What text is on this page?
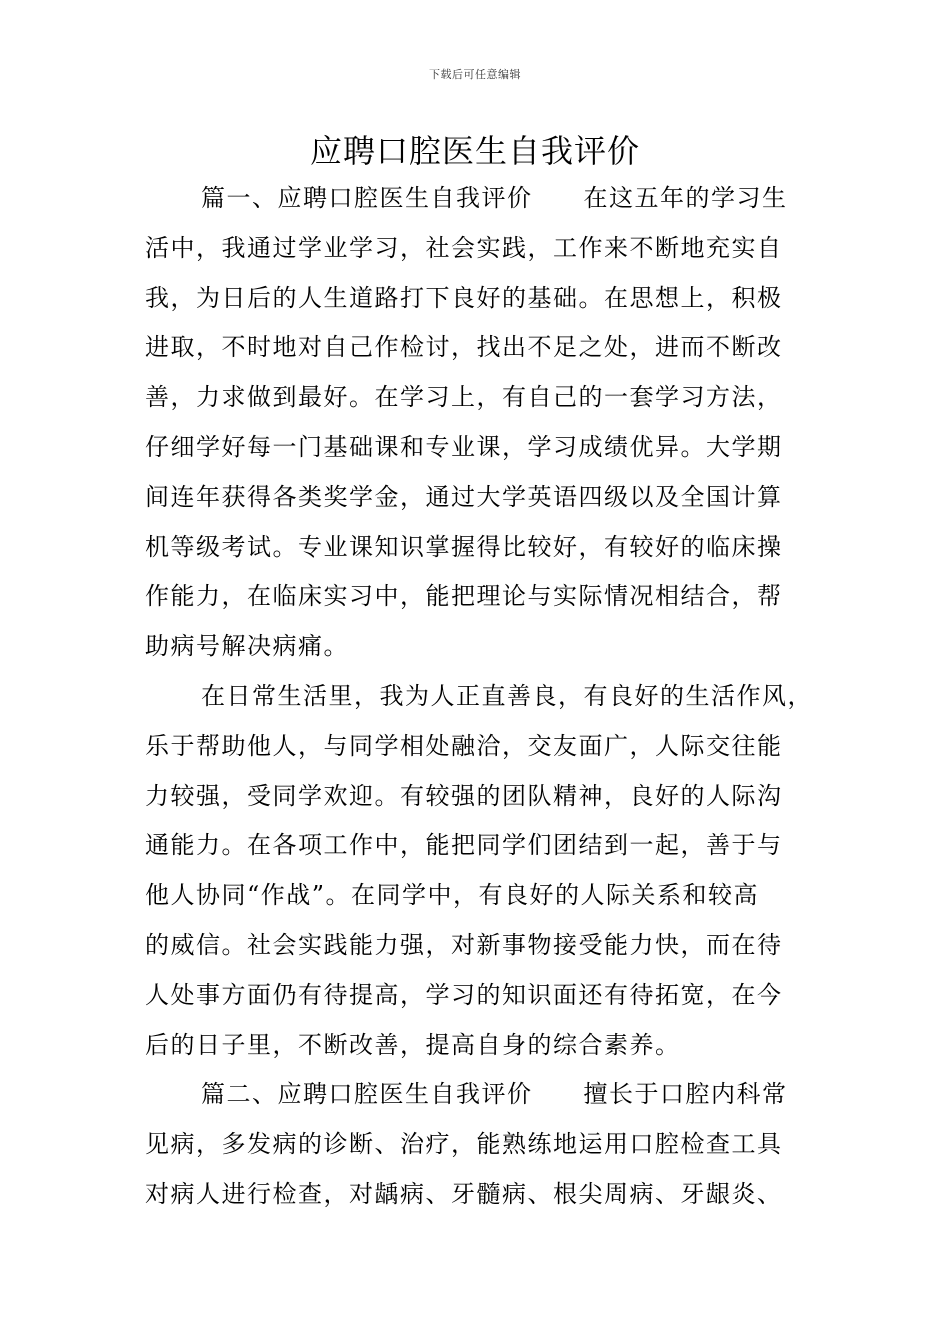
下载后可任意编辑
应聘口腔医生自我评价
篇一、应聘口腔医生自我评价　　在这五年的学习生
活中，我通过学业学习，社会实践，工作来不断地充实自
我，为日后的人生道路打下良好的基础。在思想上，积极
进取，不时地对自己作检讨，找出不足之处，进而不断改
善，力求做到最好。在学习上，有自己的一套学习方法，
仔细学好每一门基础课和专业课，学习成绩优异。大学期
间连年获得各类奖学金，通过大学英语四级以及全国计算
机等级考试。专业课知识掌握得比较好，有较好的临床操
作能力，在临床实习中，能把理论与实际情况相结合，帮
助病号解决病痛。
在日常生活里，我为人正直善良，有良好的生活作风，
乐于帮助他人，与同学相处融洽，交友面广，人际交往能
力较强，受同学欢迎。有较强的团队精神，良好的人际沟
通能力。在各项工作中，能把同学们团结到一起，善于与
他人协同“作战”。在同学中，有良好的人际关系和较高
的威信。社会实践能力强，对新事物接受能力快，而在待
人处事方面仍有待提高，学习的知识面还有待拓宽，在今
后的日子里，不断改善，提高自身的综合素养。
篇二、应聘口腔医生自我评价　　擅长于口腔内科常
见病，多发病的诊断、治疗，能熟练地运用口腔检查工具
对病人进行检查，对龋病、牙髓病、根尖周病、牙龈炎、
